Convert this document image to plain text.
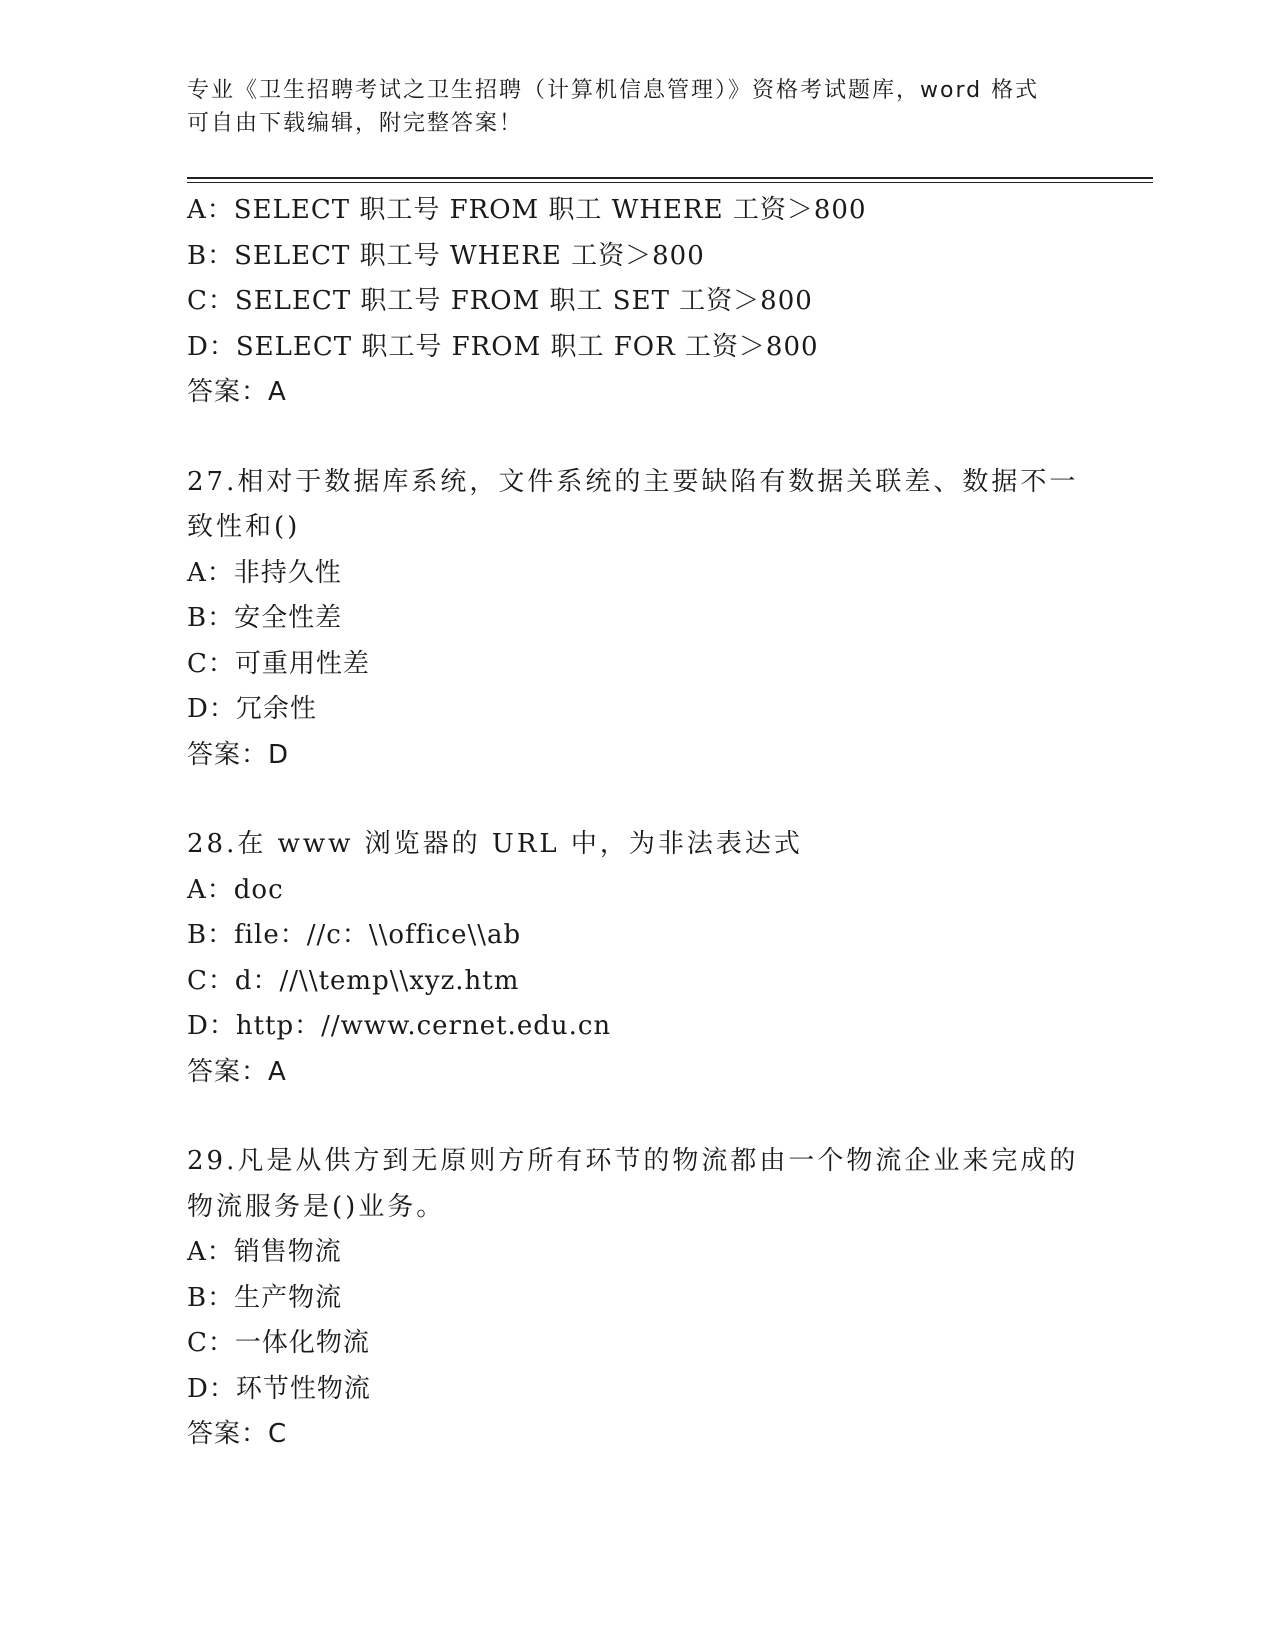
专业《卫生招聘考试之卫生招聘（计算机信息管理）》资格考试题库，word 格式
可自由下载编辑，附完整答案！
A：SELECT 职工号 FROM 职工 WHERE 工资＞800
B：SELECT 职工号 WHERE 工资＞800
C：SELECT 职工号 FROM 职工 SET 工资＞800
D：SELECT 职工号 FROM 职工 FOR 工资＞800
答案：A
27.相对于数据库系统，文件系统的主要缺陷有数据关联差、数据不一
致性和()
A：非持久性
B：安全性差
C：可重用性差
D：冗余性
答案：D
28.在 www 浏览器的 URL 中，为非法表达式
A：doc
B：file：//c：\\office\\ab
C：d：//\\temp\\xyz.htm
D：http：//www.cernet.edu.cn
答案：A
29.凡是从供方到无原则方所有环节的物流都由一个物流企业来完成的
物流服务是()业务。
A：销售物流
B：生产物流
C：一体化物流
D：环节性物流
答案：C
